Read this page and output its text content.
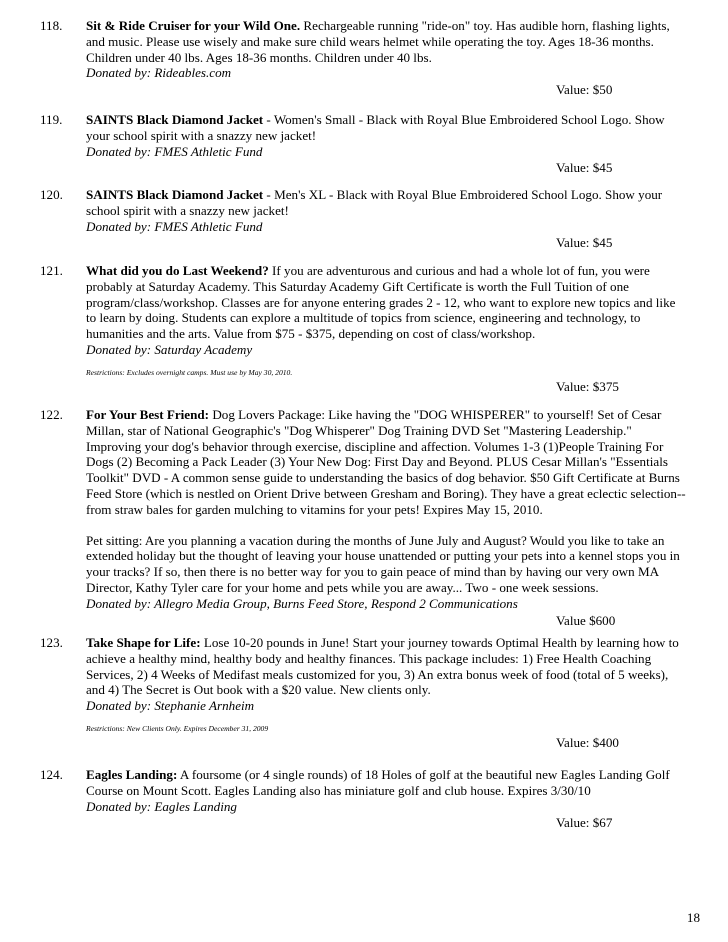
118.	Sit & Ride Cruiser for your Wild One. Rechargeable running "ride-on" toy. Has audible horn, flashing lights, and music. Please use wisely and make sure child wears helmet while operating the toy. Ages 18-36 months. Children under 40 lbs. Ages 18-36 months. Children under 40 lbs.
Donated by: Rideables.com
Value: $50
119.	SAINTS Black Diamond Jacket - Women's Small - Black with Royal Blue Embroidered School Logo. Show your school spirit with a snazzy new jacket!
Donated by: FMES Athletic Fund
Value: $45
120.	SAINTS Black Diamond Jacket - Men's XL - Black with Royal Blue Embroidered School Logo. Show your school spirit with a snazzy new jacket!
Donated by: FMES Athletic Fund
Value: $45
121.	What did you do Last Weekend? If you are adventurous and curious and had a whole lot of fun, you were probably at Saturday Academy. This Saturday Academy Gift Certificate is worth the Full Tuition of one program/class/workshop. Classes are for anyone entering grades 2 - 12, who want to explore new topics and like to learn by doing. Students can explore a multitude of topics from science, engineering and technology, to humanities and the arts. Value from $75 - $375, depending on cost of class/workshop.
Donated by: Saturday Academy
Restrictions: Excludes overnight camps. Must use by May 30, 2010.
Value: $375
122.	For Your Best Friend: Dog Lovers Package: Like having the "DOG WHISPERER" to yourself! Set of Cesar Millan, star of National Geographic's "Dog Whisperer" Dog Training DVD Set "Mastering Leadership." Improving your dog's behavior through exercise, discipline and affection. Volumes 1-3 (1)People Training For Dogs (2) Becoming a Pack Leader (3) Your New Dog: First Day and Beyond. PLUS Cesar Millan's "Essentials Toolkit" DVD - A common sense guide to understanding the basics of dog behavior. $50 Gift Certificate at Burns Feed Store (which is nestled on Orient Drive between Gresham and Boring). They have a great eclectic selection--from straw bales for garden mulching to vitamins for your pets! Expires May 15, 2010.
Pet sitting: Are you planning a vacation during the months of June July and August? Would you like to take an extended holiday but the thought of leaving your house unattended or putting your pets into a kennel stops you in your tracks? If so, then there is no better way for you to gain peace of mind than by having our very own MA Director, Kathy Tyler care for your home and pets while you are away... Two - one week sessions.
Donated by: Allegro Media Group, Burns Feed Store, Respond 2 Communications
Value $600
123.	Take Shape for Life: Lose 10-20 pounds in June! Start your journey towards Optimal Health by learning how to achieve a healthy mind, healthy body and healthy finances. This package includes: 1) Free Health Coaching Services, 2) 4 Weeks of Medifast meals customized for you, 3) An extra bonus week of food (total of 5 weeks), and 4) The Secret is Out book with a $20 value. New clients only.
Donated by: Stephanie Arnheim
Restrictions: New Clients Only. Expires December 31, 2009
Value: $400
124.	Eagles Landing: A foursome (or 4 single rounds) of 18 Holes of golf at the beautiful new Eagles Landing Golf Course on Mount Scott. Eagles Landing also has miniature golf and club house. Expires 3/30/10
Donated by: Eagles Landing
Value: $67
18
